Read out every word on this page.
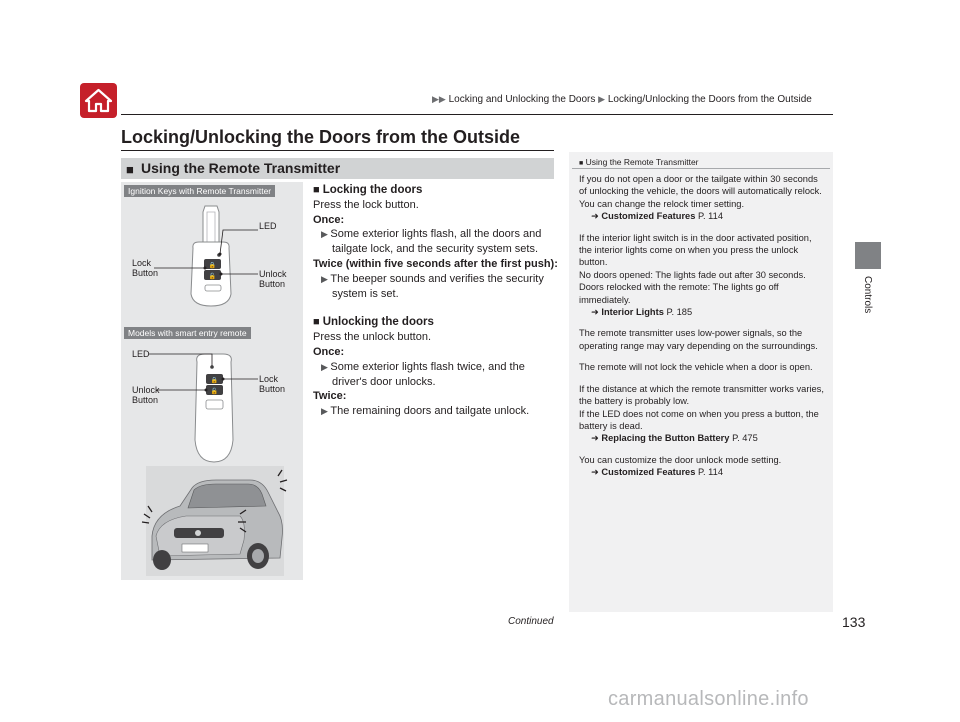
▶▶ Locking and Unlocking the Doors ▶ Locking/Unlocking the Doors from the Outside
Locking/Unlocking the Doors from the Outside
■ Using the Remote Transmitter
Ignition Keys with Remote Transmitter
🔒
🔓
LED
Lock
Button	Unlock
Button
Models with smart entry remote
🔒
🔓
LED
Lock
Button
Unlock
Button
■ Locking the doors
Press the lock button.
Once:
▶ Some exterior lights flash, all the doors and tailgate lock, and the security system sets.
Twice (within five seconds after the first push):
▶ The beeper sounds and verifies the security system is set.
■ Unlocking the doors
Press the unlock button.
Once:
▶ Some exterior lights flash twice, and the driver's door unlocks.
Twice:
▶ The remaining doors and tailgate unlock.
■ Using the Remote Transmitter

If you do not open a door or the tailgate within 30 seconds of unlocking the vehicle, the doors will automatically relock.

You can change the relock timer setting.

➜ Customized Features P. 114

If the interior light switch is in the door activated position, the interior lights come on when you press the unlock button.

No doors opened: The lights fade out after 30 seconds.

Doors relocked with the remote: The lights go off immediately.

➜ Interior Lights P. 185

The remote transmitter uses low-power signals, so the operating range may vary depending on the surroundings.

The remote will not lock the vehicle when a door is open.

If the distance at which the remote transmitter works varies, the battery is probably low.

If the LED does not come on when you press a button, the battery is dead.

➜ Replacing the Button Battery P. 475

You can customize the door unlock mode setting.

➜ Customized Features P. 114

Controls
Continued	133
carmanualsonline.info
